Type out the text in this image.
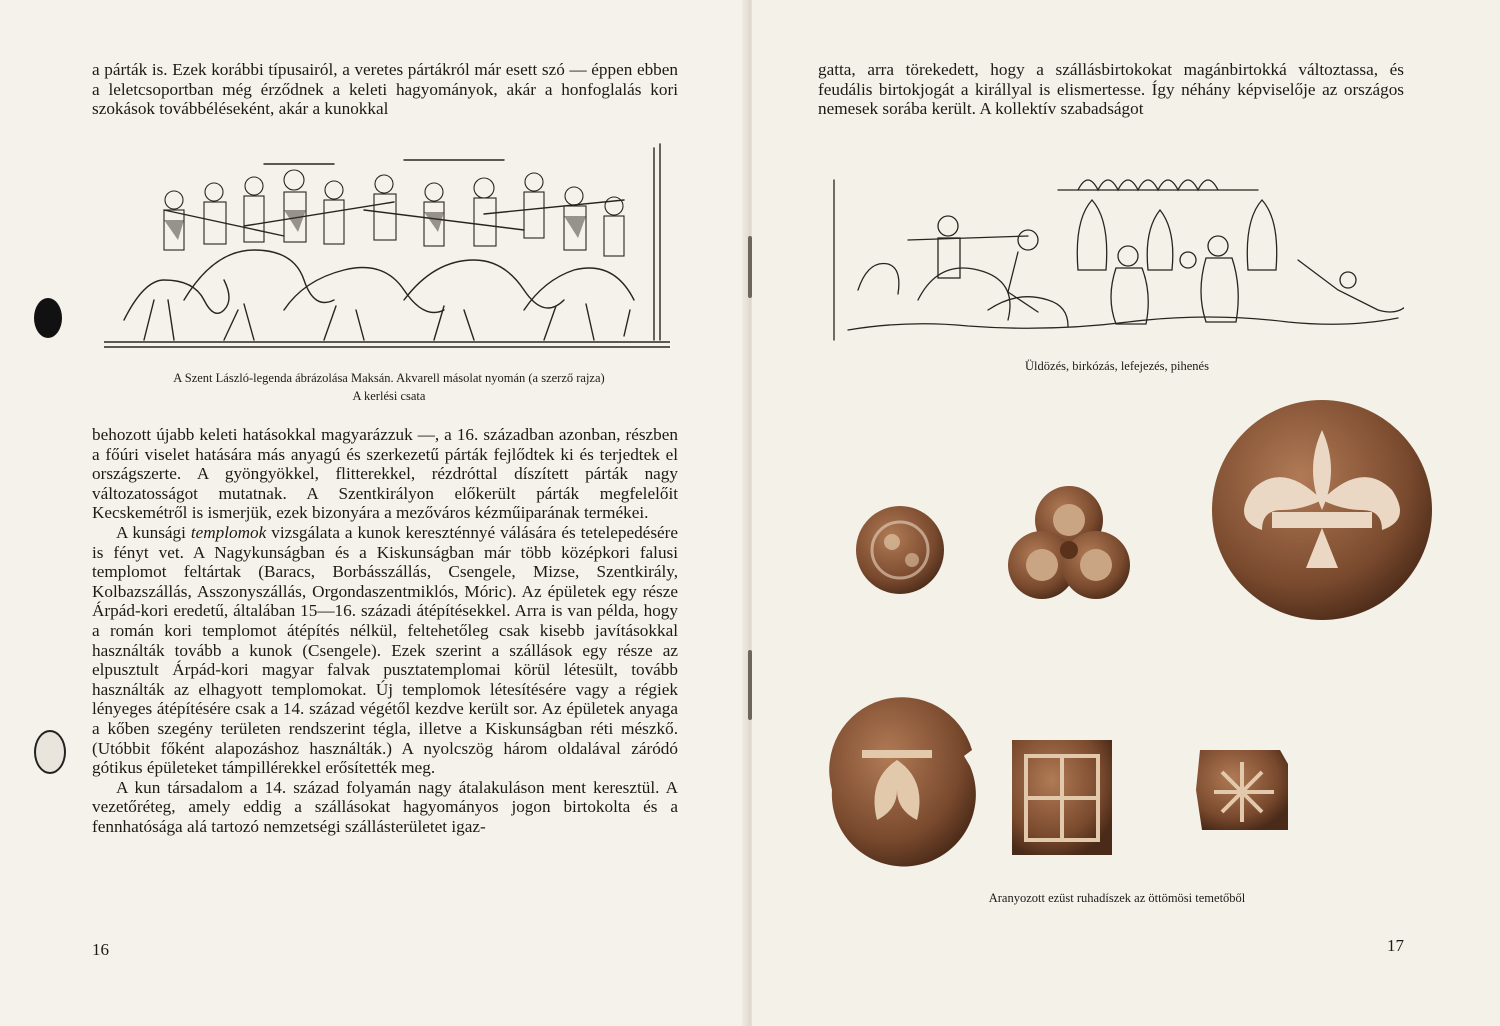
a párták is. Ezek korábbi típusairól, a veretes pártákról már esett szó — éppen ebben a leletcsoportban még érződnek a keleti hagyományok, akár a honfoglalás kori szokások továbbéléseként, akár a kunokkal

A Szent László-legenda ábrázolása Maksán. Akvarell másolat nyomán (a szerző rajza)
A kerlési csata

behozott újabb keleti hatásokkal magyarázzuk —, a 16. században azonban, részben a főúri viselet hatására más anyagú és szerkezetű párták fejlődtek ki és terjedtek el országszerte. A gyöngyökkel, flitterekkel, rézdróttal díszített párták nagy változatosságot mutatnak. A Szentkirályon előkerült párták megfelelőit Kecskemétről is ismerjük, ezek bizonyára a mezőváros kézműiparának termékei.

A kunsági templomok vizsgálata a kunok kereszténnyé válására és tetelepedésére is fényt vet. A Nagykunságban és a Kiskunságban már több középkori falusi templomot feltártak (Baracs, Borbásszállás, Csengele, Mizse, Szentkirály, Kolbazszállás, Asszonyszállás, Orgondaszentmiklós, Móric). Az épületek egy része Árpád-kori eredetű, általában 15—16. századi átépítésekkel. Arra is van példa, hogy a román kori templomot átépítés nélkül, feltehetőleg csak kisebb javításokkal használták tovább a kunok (Csengele). Ezek szerint a szállások egy része az elpusztult Árpád-kori magyar falvak pusztatemplomai körül létesült, tovább használták az elhagyott templomokat. Új templomok létesítésére vagy a régiek lényeges átépítésére csak a 14. század végétől kezdve került sor. Az épületek anyaga a kőben szegény területen rendszerint tégla, illetve a Kiskunságban réti mészkő. (Utóbbit főként alapozáshoz használták.) A nyolcszög három oldalával záródó gótikus épületeket támpillérekkel erősítették meg.

A kun társadalom a 14. század folyamán nagy átalakuláson ment keresztül. A vezetőréteg, amely eddig a szállásokat hagyományos jogon birtokolta és a fennhatósága alá tartozó nemzetségi szállásterületet igaz-

16

gatta, arra törekedett, hogy a szállásbirtokokat magánbirtokká változtassa, és feudális birtokjogát a királlyal is elismertesse. Így néhány képviselője az országos nemesek sorába került. A kollektív szabadságot

Üldözés, birkózás, lefejezés, pihenés
Aranyozott ezüst ruhadíszek az öttömösi temetőből
17
